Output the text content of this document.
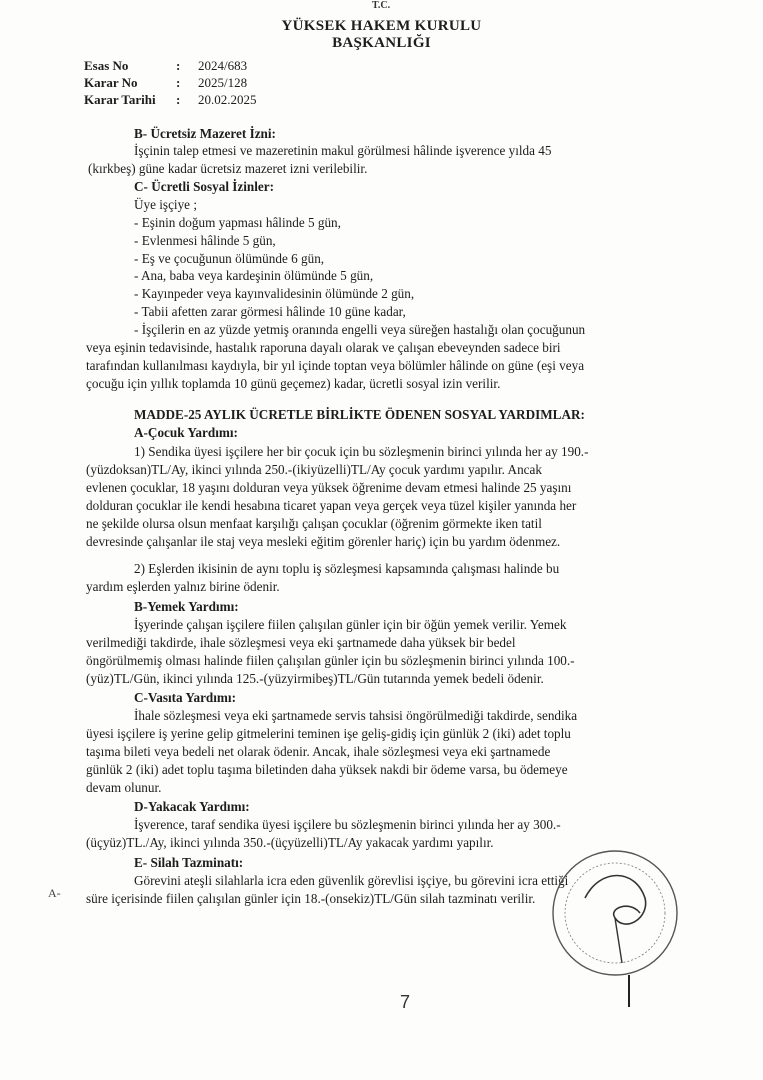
T.C.
YÜKSEK HAKEM KURULU
BAŞKANLIĞI
Esas No	: 2024/683
Karar No	: 2025/128
Karar Tarihi : 20.02.2025
B- Ücretsiz Mazeret İzni:
İşçinin talep etmesi ve mazeretinin makul görülmesi hâlinde işverence yılda 45
(kırkbeş) güne kadar ücretsiz mazeret izni verilebilir.
C- Ücretli Sosyal İzinler:
Üye işçiye ;
- Eşinin doğum yapması hâlinde 5 gün,
- Evlenmesi hâlinde 5 gün,
- Eş ve çocuğunun ölümünde 6 gün,
- Ana, baba veya kardeşinin ölümünde 5 gün,
- Kayınpeder veya kayınvalidesinin ölümünde 2 gün,
- Tabii afetten zarar görmesi hâlinde 10 güne kadar,
- İşçilerin en az yüzde yetmiş oranında engelli veya süreğen hastalığı olan çocuğunun
veya eşinin tedavisinde, hastalık raporuna dayalı olarak ve çalışan ebeveynden sadece biri
tarafından kullanılması kaydıyla, bir yıl içinde toptan veya bölümler hâlinde on güne (eşi veya
çocuğu için yıllık toplamda 10 günü geçemez) kadar, ücretli sosyal izin verilir.
MADDE-25 AYLIK ÜCRETLE BİRLİKTE ÖDENEN SOSYAL YARDIMLAR:
A-Çocuk Yardımı:
1) Sendika üyesi işçilere her bir çocuk için bu sözleşmenin birinci yılında her ay 190.-
(yüzdoksan)TL/Ay, ikinci yılında 250.-(ikiyüzelli)TL/Ay çocuk yardımı yapılır. Ancak
evlenen çocuklar, 18 yaşını dolduran veya yüksek öğrenime devam etmesi halinde 25 yaşını
dolduran çocuklar ile kendi hesabına ticaret yapan veya gerçek veya tüzel kişiler yanında her
ne şekilde olursa olsun menfaat karşılığı çalışan çocuklar (öğrenim görmekte iken tatil
devresinde çalışanlar ile staj veya mesleki eğitim görenler hariç) için bu yardım ödenmez.
2) Eşlerden ikisinin de aynı toplu iş sözleşmesi kapsamında çalışması halinde bu
yardım eşlerden yalnız birine ödenir.
B-Yemek Yardımı:
İşyerinde çalışan işçilere fiilen çalışılan günler için bir öğün yemek verilir. Yemek
verilmediği takdirde, ihale sözleşmesi veya eki şartnamede daha yüksek bir bedel
öngörülmemiş olması halinde fiilen çalışılan günler için bu sözleşmenin birinci yılında 100.-
(yüz)TL/Gün, ikinci yılında 125.-(yüzyirmibeş)TL/Gün tutarında yemek bedeli ödenir.
C-Vasıta Yardımı:
İhale sözleşmesi veya eki şartnamede servis tahsisi öngörülmediği takdirde, sendika
üyesi işçilere iş yerine gelip gitmelerini teminen işe geliş-gidiş için günlük 2 (iki) adet toplu
taşıma bileti veya bedeli net olarak ödenir. Ancak, ihale sözleşmesi veya eki şartnamede
günlük 2 (iki) adet toplu taşıma biletinden daha yüksek nakdi bir ödeme varsa, bu ödemeye
devam olunur.
D-Yakacak Yardımı:
İşverence, taraf sendika üyesi işçilere bu sözleşmenin birinci yılında her ay 300.-
(üçyüz)TL./Ay, ikinci yılında 350.-(üçyüzelli)TL/Ay yakacak yardımı yapılır.
E- Silah Tazminatı:
Görevini ateşli silahlarla icra eden güvenlik görevlisi işçiye, bu görevini icra ettiği
süre içerisinde fiilen çalışılan günler için 18.-(onsekiz)TL/Gün silah tazminatı verilir.
A-
7
